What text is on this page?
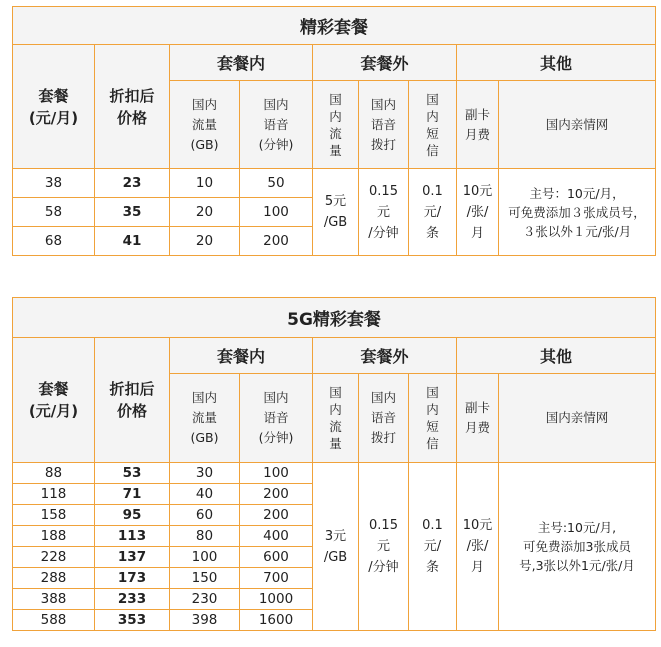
精彩套餐								

套餐
(元/月)	折扣后
价格	套餐内		套餐外			其他	

		国内
流量
(GB)	国内
语音
(分钟)	国
内
流
量	国内
语音
拨打	国
内
短
信	副卡
月费	国内亲情网
38	23	10	50	5元
/GB	0.15
元
/分钟	0.1
元/
条	10元
/张/
月	主号：10元/月，
可免费添加３张成员号，
３张以外１元/张/月

58	35	20	100					
68	41	20	200					
5G精彩套餐								

套餐
(元/月)	折扣后
价格	套餐内		套餐外			其他	

		国内
流量
(GB)	国内
语音
(分钟)	国
内
流
量	国内
语音
拨打	国
内
短
信	副卡
月费	国内亲情网
88	53	30	100	3元
/GB	0.15
元
/分钟	0.1
元/
条	10元
/张/
月	主号:10元/月,
可免费添加3张成员
号,3张以外1元/张/月

118	71	40	200					
158	95	60	200					
188	113	80	400					
228	137	100	600					
288	173	150	700					
388	233	230	1000					
588	353	398	1600					
